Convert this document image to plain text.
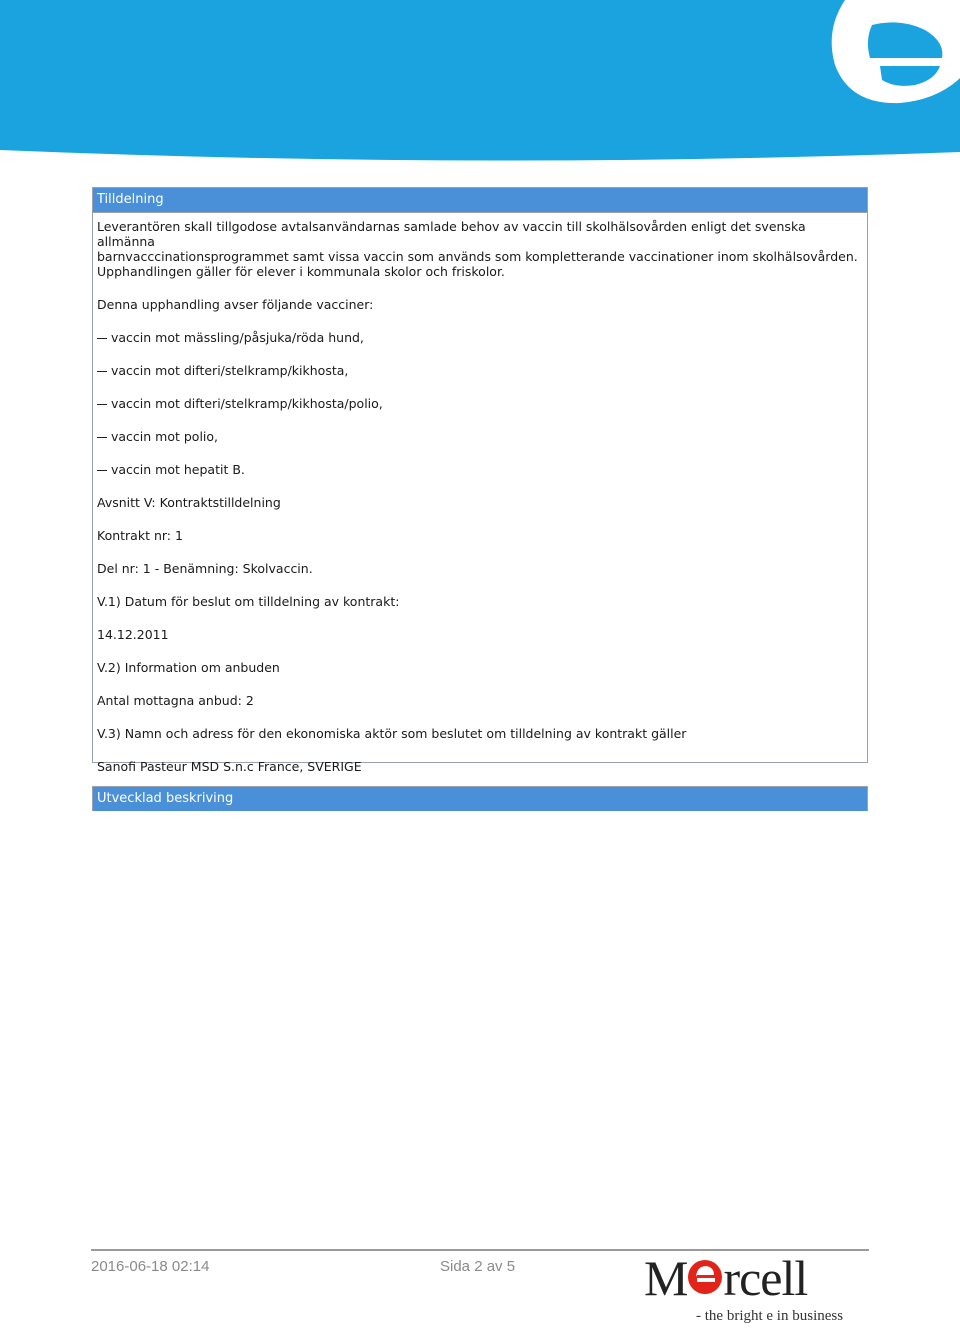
Tilldelning

Leverantören skall tillgodose avtalsanvändarnas samlade behov av vaccin till skolhälsovården enligt det svenska allmänna

barnvacccinationsprogrammet samt vissa vaccin som används som kompletterande vaccinationer inom skolhälsovården.

Upphandlingen gäller för elever i kommunala skolor och friskolor.

Denna upphandling avser följande vacciner:

vaccin mot mässling/påsjuka/röda hund,

vaccin mot difteri/stelkramp/kikhosta,

vaccin mot difteri/stelkramp/kikhosta/polio,

vaccin mot polio,

vaccin mot hepatit B.

Avsnitt V: Kontraktstilldelning

Kontrakt nr: 1

Del nr: 1 - Benämning: Skolvaccin.

V.1) Datum för beslut om tilldelning av kontrakt:

14.12.2011

V.2) Information om anbuden

Antal mottagna anbud: 2

V.3) Namn och adress för den ekonomiska aktör som beslutet om tilldelning av kontrakt gäller

Sanofi Pasteur MSD S.n.c France, SVERIGE

Utvecklad beskriving
2016-06-18 02:14	Sida 2 av 5	M rcell
- the bright e in business
